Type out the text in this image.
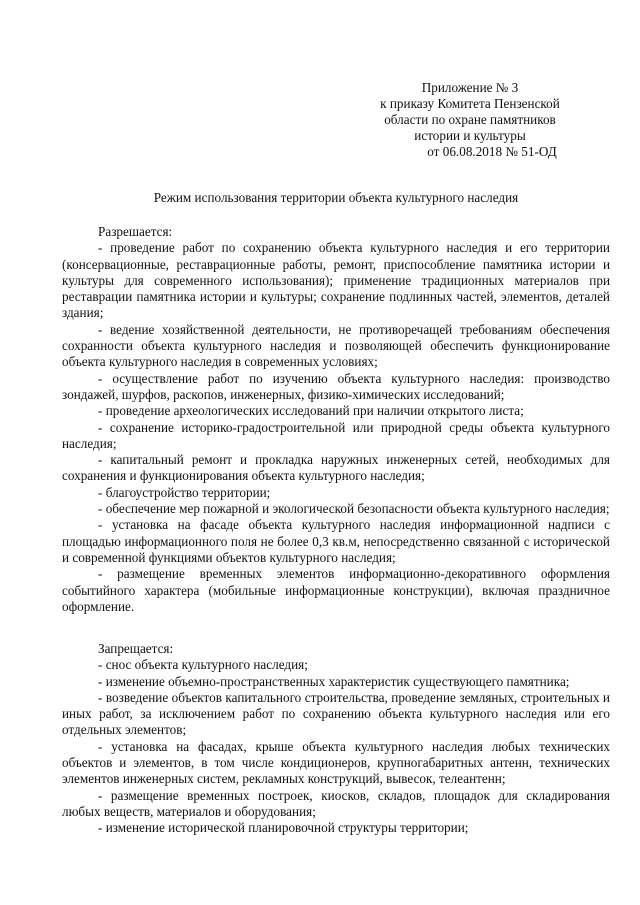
Приложение № 3
к приказу Комитета Пензенской
области по охране памятников
истории и культуры
от 06.08.2018 № 51-ОД
Режим использования территории объекта культурного наследия
Разрешается:

- проведение работ по сохранению объекта культурного наследия и его территории (консервационные, реставрационные работы, ремонт, приспособление памятника истории и культуры для современного использования); применение традиционных материалов при реставрации памятника истории и культуры; сохранение подлинных частей, элементов, деталей здания;

- ведение хозяйственной деятельности, не противоречащей требованиям обеспечения сохранности объекта культурного наследия и позволяющей обеспечить функционирование объекта культурного наследия в современных условиях;

- осуществление работ по изучению объекта культурного наследия: производство зондажей, шурфов, раскопов, инженерных, физико-химических исследований;

- проведение археологических исследований при наличии открытого листа;

- сохранение историко-градостроительной или природной среды объекта культурного наследия;

- капитальный ремонт и прокладка наружных инженерных сетей, необходимых для сохранения и функционирования объекта культурного наследия;

- благоустройство территории;

- обеспечение мер пожарной и экологической безопасности объекта культурного наследия;

- установка на фасаде объекта культурного наследия информационной надписи с площадью информационного поля не более 0,3 кв.м, непосредственно связанной с исторической и современной функциями объектов культурного наследия;

- размещение временных элементов информационно-декоративного оформления событийного характера (мобильные информационные конструкции), включая праздничное оформление.

Запрещается:

- снос объекта культурного наследия;

- изменение объемно-пространственных характеристик существующего памятника;

- возведение объектов капитального строительства, проведение земляных, строительных и иных работ, за исключением работ по сохранению объекта культурного наследия или его отдельных элементов;

- установка на фасадах, крыше объекта культурного наследия любых технических объектов и элементов, в том числе кондиционеров, крупногабаритных антенн, технических элементов инженерных систем, рекламных конструкций, вывесок, телеантенн;

- размещение временных построек, киосков, складов, площадок для складирования любых веществ, материалов и оборудования;

- изменение исторической планировочной структуры территории;
